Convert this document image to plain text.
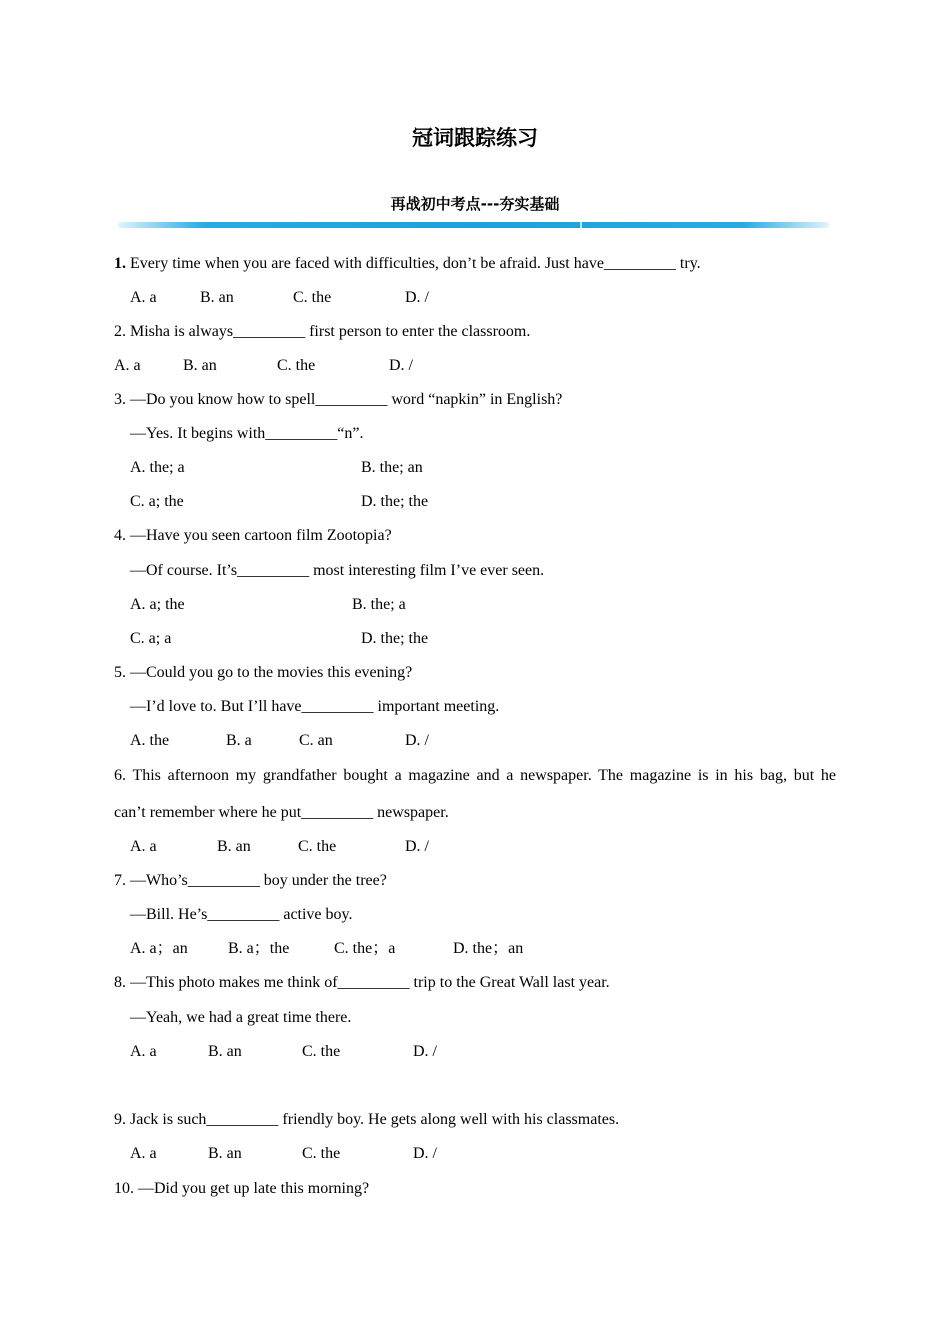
冠词跟踪练习
再战初中考点---夯实基础

1. Every time when you are faced with difficulties, don’t be afraid. Just have_________ try.

A. a	B. an	C. the	D. /

2. Misha is always_________ first person to enter the classroom.

A. a	B. an	C. the	D. /

3. —Do you know how to spell_________ word “napkin” in English?

—Yes. It begins with_________“n”.

A. the; a	B. the; an
C. a; the	D. the; the

4. —Have you seen cartoon film Zootopia?

—Of course. It’s_________ most interesting film I’ve ever seen.

A. a; the	B. the; a
C. a; a	D. the; the

5. —Could you go to the movies this evening?

—I’d love to. But I’ll have_________ important meeting.

A. the	B. a	C. an	D. /
6. This afternoon my grandfather bought a magazine and a newspaper. The magazine is in his bag, but he

can’t remember where he put_________ newspaper.

A. a	B. an	C. the	D. /

7. —Who’s_________ boy under the tree?

—Bill. He’s_________ active boy.

A. a；an	B. a；the	C. the；a	D. the；an

8. —This photo makes me think of_________ trip to the Great Wall last year.

—Yeah, we had a great time there.

A. a	B. an	C. the	D. /

9. Jack is such_________ friendly boy. He gets along well with his classmates.

A. a	B. an	C. the	D. /

10. —Did you get up late this morning?
